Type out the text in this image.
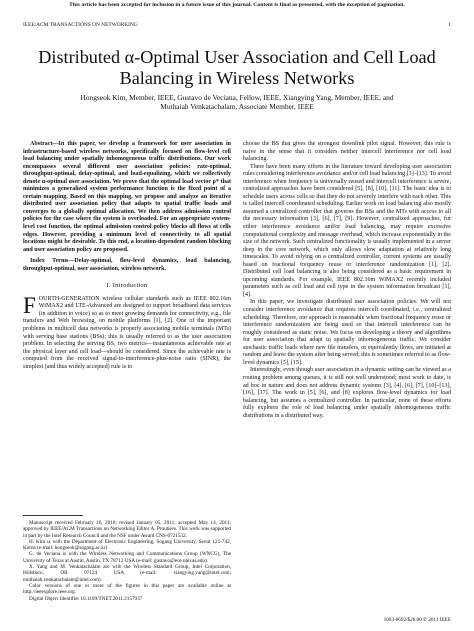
This article has been accepted for inclusion in a future issue of this journal. Content is final as presented, with the exception of pagination.
IEEE/ACM TRANSACTIONS ON NETWORKING	1
Distributed α-Optimal User Association and Cell Load Balancing in Wireless Networks
Hongseok Kim, Member, IEEE, Gustavo de Veciana, Fellow, IEEE, Xiangying Yang, Member, IEEE, and
Muthaiah Venkatachalam, Associate Member, IEEE

Abstract—In this paper, we develop a framework for user association in infrastructure-based wireless networks, specifically focused on flow-level cell load balancing under spatially inhomogeneous traffic distributions. Our work encompasses several different user association policies: rate-optimal, throughput-optimal, delay-optimal, and load-equalizing, which we collectively denote α-optimal user association. We prove that the optimal load vector ρ* that minimizes a generalized system performance function is the fixed point of a certain mapping. Based on this mapping, we propose and analyze an iterative distributed user association policy that adapts to spatial traffic loads and converges to a globally optimal allocation. We then address admission control policies for the case where the system is overloaded. For an appropriate system-level cost function, the optimal admission control policy blocks all flows at cells edges. However, providing a minimum level of connectivity to all spatial locations might be desirable. To this end, a location-dependent random blocking and user association policy are proposed.

Index Terms—Delay-optimal, flow-level dynamics, load balancing, throughput-optimal, user association, wireless network.

I. Introduction

FOURTH-GENERATION wireless cellular standards such as IEEE 802.16m WiMAX2 and LTE-Advanced are designed to support broadband data services (in addition to voice) so as to meet growing demands for connectivity, e.g., file transfers and Web browsing, on mobile platforms [1], [2]. One of the important problems in multicell data networks is properly associating mobile terminals (MTs) with serving base stations (BSs); this is usually referred to as the user association problem. In selecting the serving BS, two metrics—instantaneous achievable rate at the physical layer and cell load—should be considered. Since the achievable rate is computed from the received signal-to-interference-plus-noise ratio (SINR), the simplest (and thus widely accepted) rule is to

Manuscript received February 16, 2010; revised January 05, 2011; accepted May 14, 2011; approved by IEEE/ACM Transactions on Networking Editor A. Proutiere. This work was supported in part by the Intel Research Council and the NSF under Award CNS-0721532.

H. Kim is with the Department of Electronic Engineering, Sogang University, Seoul 121-742, Korea (e-mail: hongseok@sogang.ac.kr).

G. de Veciana is with the Wireless Networking and Communications Group (WNCG), The University of Texas at Austin, Austin, TX 78712 USA (e-mail: gustavo@ece.utexas.edu).

X. Yang and M. Venkatachalam are with the Wireless Standard Group, Intel Corporation, Hillsboro, OR 97124 USA (e-mail: xiangying.yang@intel.com; muthaiah.venkatachalam@intel.com).

Color versions of one or more of the figures in this paper are available online at http://ieeexplore.ieee.org.

Digital Object Identifier 10.1109/TNET.2011.2157937

choose the BS that gives the strongest downlink pilot signal. However, this rule is naive in the sense that it considers neither intercell interference nor cell load balancing.

There have been many efforts in the literature toward developing user association rules considering interference avoidance and/or cell load balancing [3]–[13]. To avoid interference when frequency is universally reused and intercell interference is severe, centralized approaches have been considered [5], [8], [10], [11]. The basic idea is to schedule users across cells so that they do not severely interfere with each other. This is called intercell coordinated scheduling. Earlier work on load balancing also mostly assumed a centralized controller that governs the BSs and the MTs with access to all the necessary information [3], [6], [7], [9]. However, centralized approaches, for either interference avoidance and/or load balancing, may require excessive computational complexity and message overhead, which increase exponentially in the size of the network. Such centralized functionality is usually implemented in a server deep in the core network, which only allows slow adaptation at relatively long timescales. To avoid relying on a centralized controller, current systems are usually based on fractional frequency reuse or interference randomization [1], [2]. Distributed cell load balancing is also being considered as a basic requirement in upcoming standards. For example, IEEE 802.16m WiMAX2 recently included parameters such as cell load and cell type in the system information broadcast [1], [4].

In this paper, we investigate distributed user association policies. We will not consider interference avoidance that requires intercell coordinated, i.e., centralized scheduling. Therefore, our approach is reasonable when fractional frequency reuse or interference randomization are being used so that intercell interference can be roughly considered as static noise. We focus on developing a theory and algorithms for user association that adapt to spatially inhomogeneous traffic. We consider stochastic traffic loads where new file transfers, or equivalently flows, are initiated at random and leave the system after being served; this is sometimes referred to as flow-level dynamics [5], [15].

Interestingly, even though user association in a dynamic setting can be viewed as a routing problem among queues, it is still not well understood; most work to date, is ad hoc in nature and does not address dynamic systems [3], [4], [6], [7], [10]–[13], [16], [17]. The work in [5], [6], and [8] explores flow-level dynamics for load balancing, but assumes a centralized controller. In particular, none of these efforts fully explores the role of load balancing under spatially inhomogeneous traffic distributions in a distributed way.

1063-6692/$26.00 © 2011 IEEE
